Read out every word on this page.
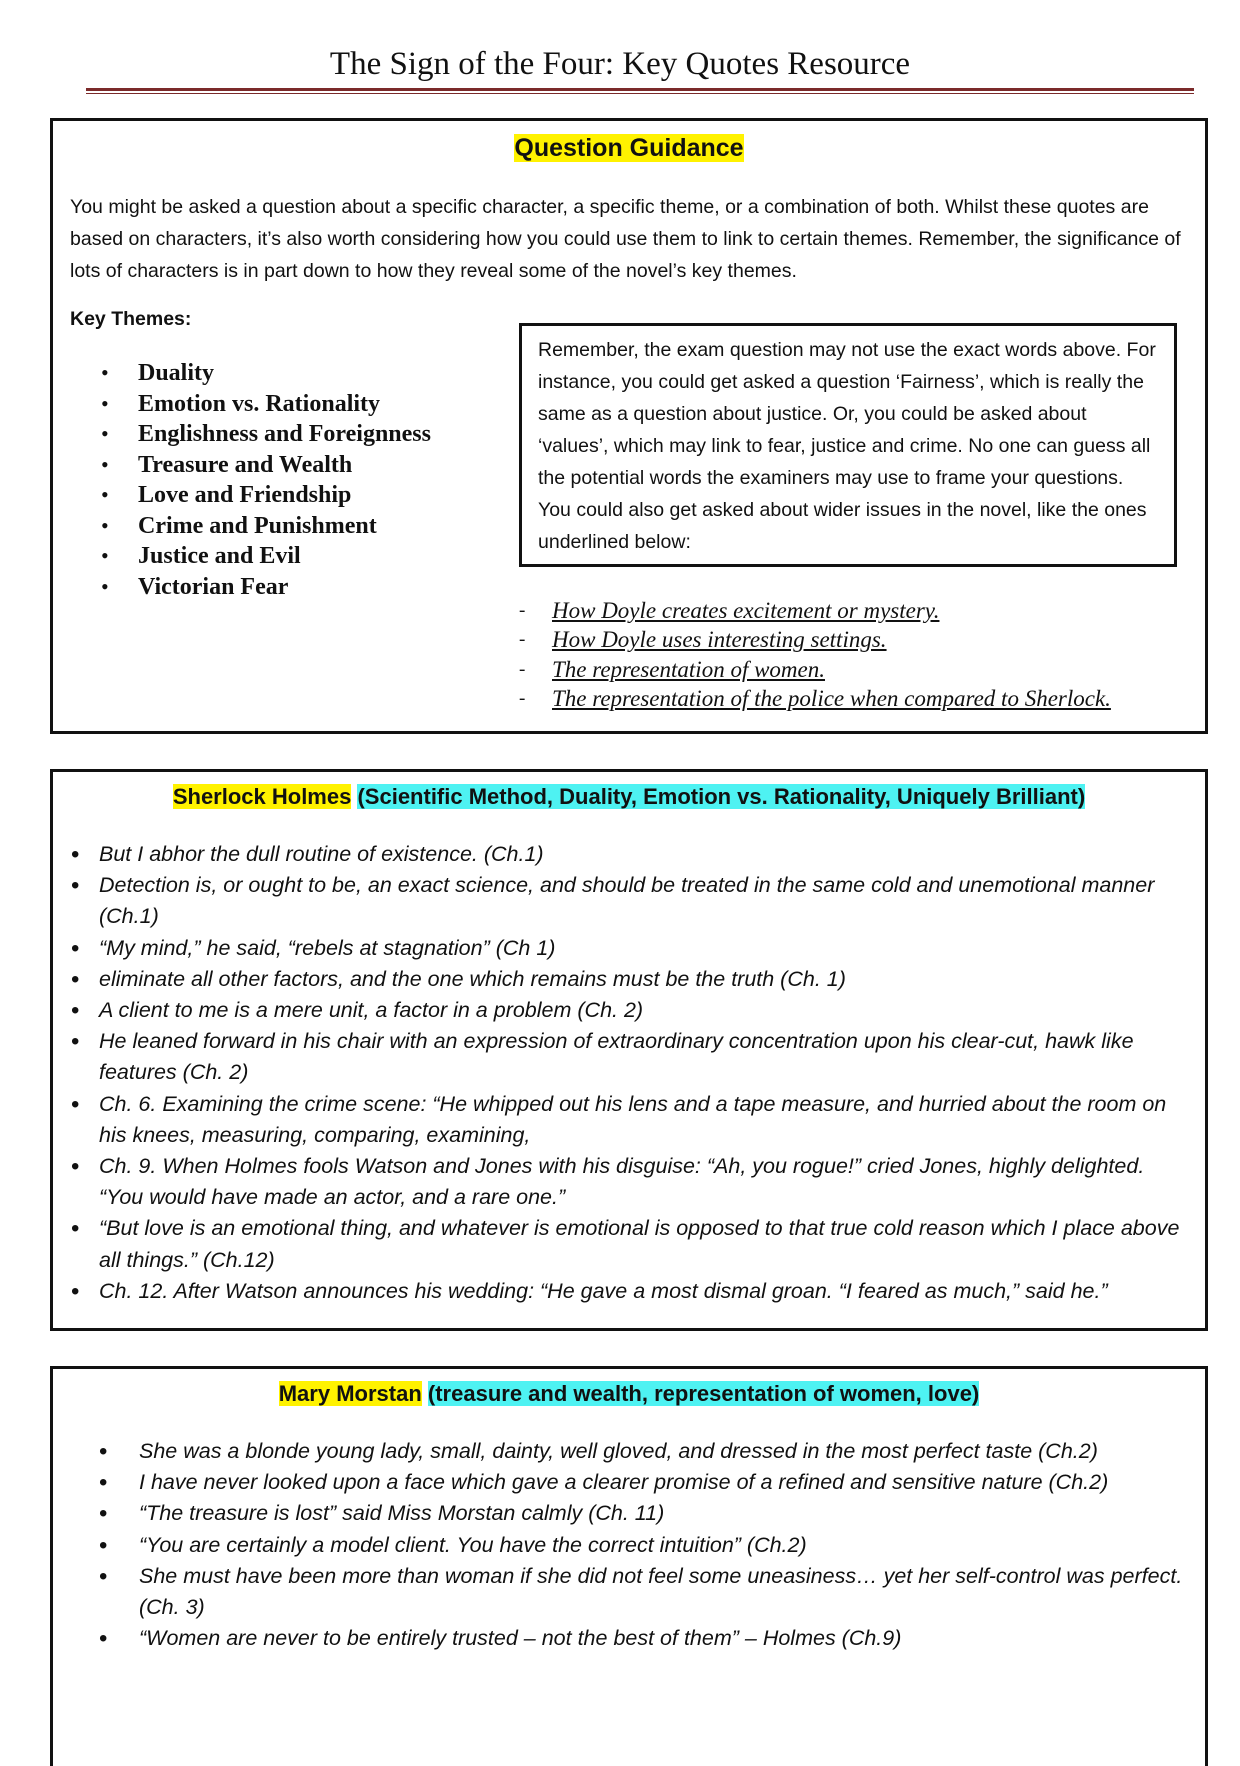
The Sign of the Four: Key Quotes Resource
Question Guidance

You might be asked a question about a specific character, a specific theme, or a combination of both. Whilst these quotes are based on characters, it’s also worth considering how you could use them to link to certain themes. Remember, the significance of lots of characters is in part down to how they reveal some of the novel’s key themes.

Key Themes:
• Duality
• Emotion vs. Rationality
• Englishness and Foreignness
• Treasure and Wealth
• Love and Friendship
• Crime and Punishment
• Justice and Evil
• Victorian Fear
Remember, the exam question may not use the exact words above. For instance, you could get asked a question ‘Fairness’, which is really the same as a question about justice. Or, you could be asked about ‘values’, which may link to fear, justice and crime. No one can guess all the potential words the examiners may use to frame your questions. You could also get asked about wider issues in the novel, like the ones underlined below:
- How Doyle creates excitement or mystery.
- How Doyle uses interesting settings.
- The representation of women.
- The representation of the police when compared to Sherlock.
Sherlock Holmes (Scientific Method, Duality, Emotion vs. Rationality, Uniquely Brilliant)
• But I abhor the dull routine of existence. (Ch.1)
• Detection is, or ought to be, an exact science, and should be treated in the same cold and unemotional manner (Ch.1)
• “My mind,” he said, “rebels at stagnation” (Ch 1)
• eliminate all other factors, and the one which remains must be the truth (Ch. 1)
• A client to me is a mere unit, a factor in a problem (Ch. 2)
• He leaned forward in his chair with an expression of extraordinary concentration upon his clear-cut, hawk like features (Ch. 2)
• Ch. 6. Examining the crime scene: “He whipped out his lens and a tape measure, and hurried about the room on his knees, measuring, comparing, examining,
• Ch. 9. When Holmes fools Watson and Jones with his disguise: “Ah, you rogue!” cried Jones, highly delighted. “You would have made an actor, and a rare one.”
• “But love is an emotional thing, and whatever is emotional is opposed to that true cold reason which I place above all things.” (Ch.12)
• Ch. 12. After Watson announces his wedding: “He gave a most dismal groan. “I feared as much,” said he.”
Mary Morstan (treasure and wealth, representation of women, love)
• She was a blonde young lady, small, dainty, well gloved, and dressed in the most perfect taste (Ch.2)
• I have never looked upon a face which gave a clearer promise of a refined and sensitive nature (Ch.2)
• “The treasure is lost” said Miss Morstan calmly (Ch. 11)
• “You are certainly a model client. You have the correct intuition” (Ch.2)
• She must have been more than woman if she did not feel some uneasiness… yet her self-control was perfect. (Ch. 3)
• “Women are never to be entirely trusted – not the best of them” – Holmes (Ch.9)
